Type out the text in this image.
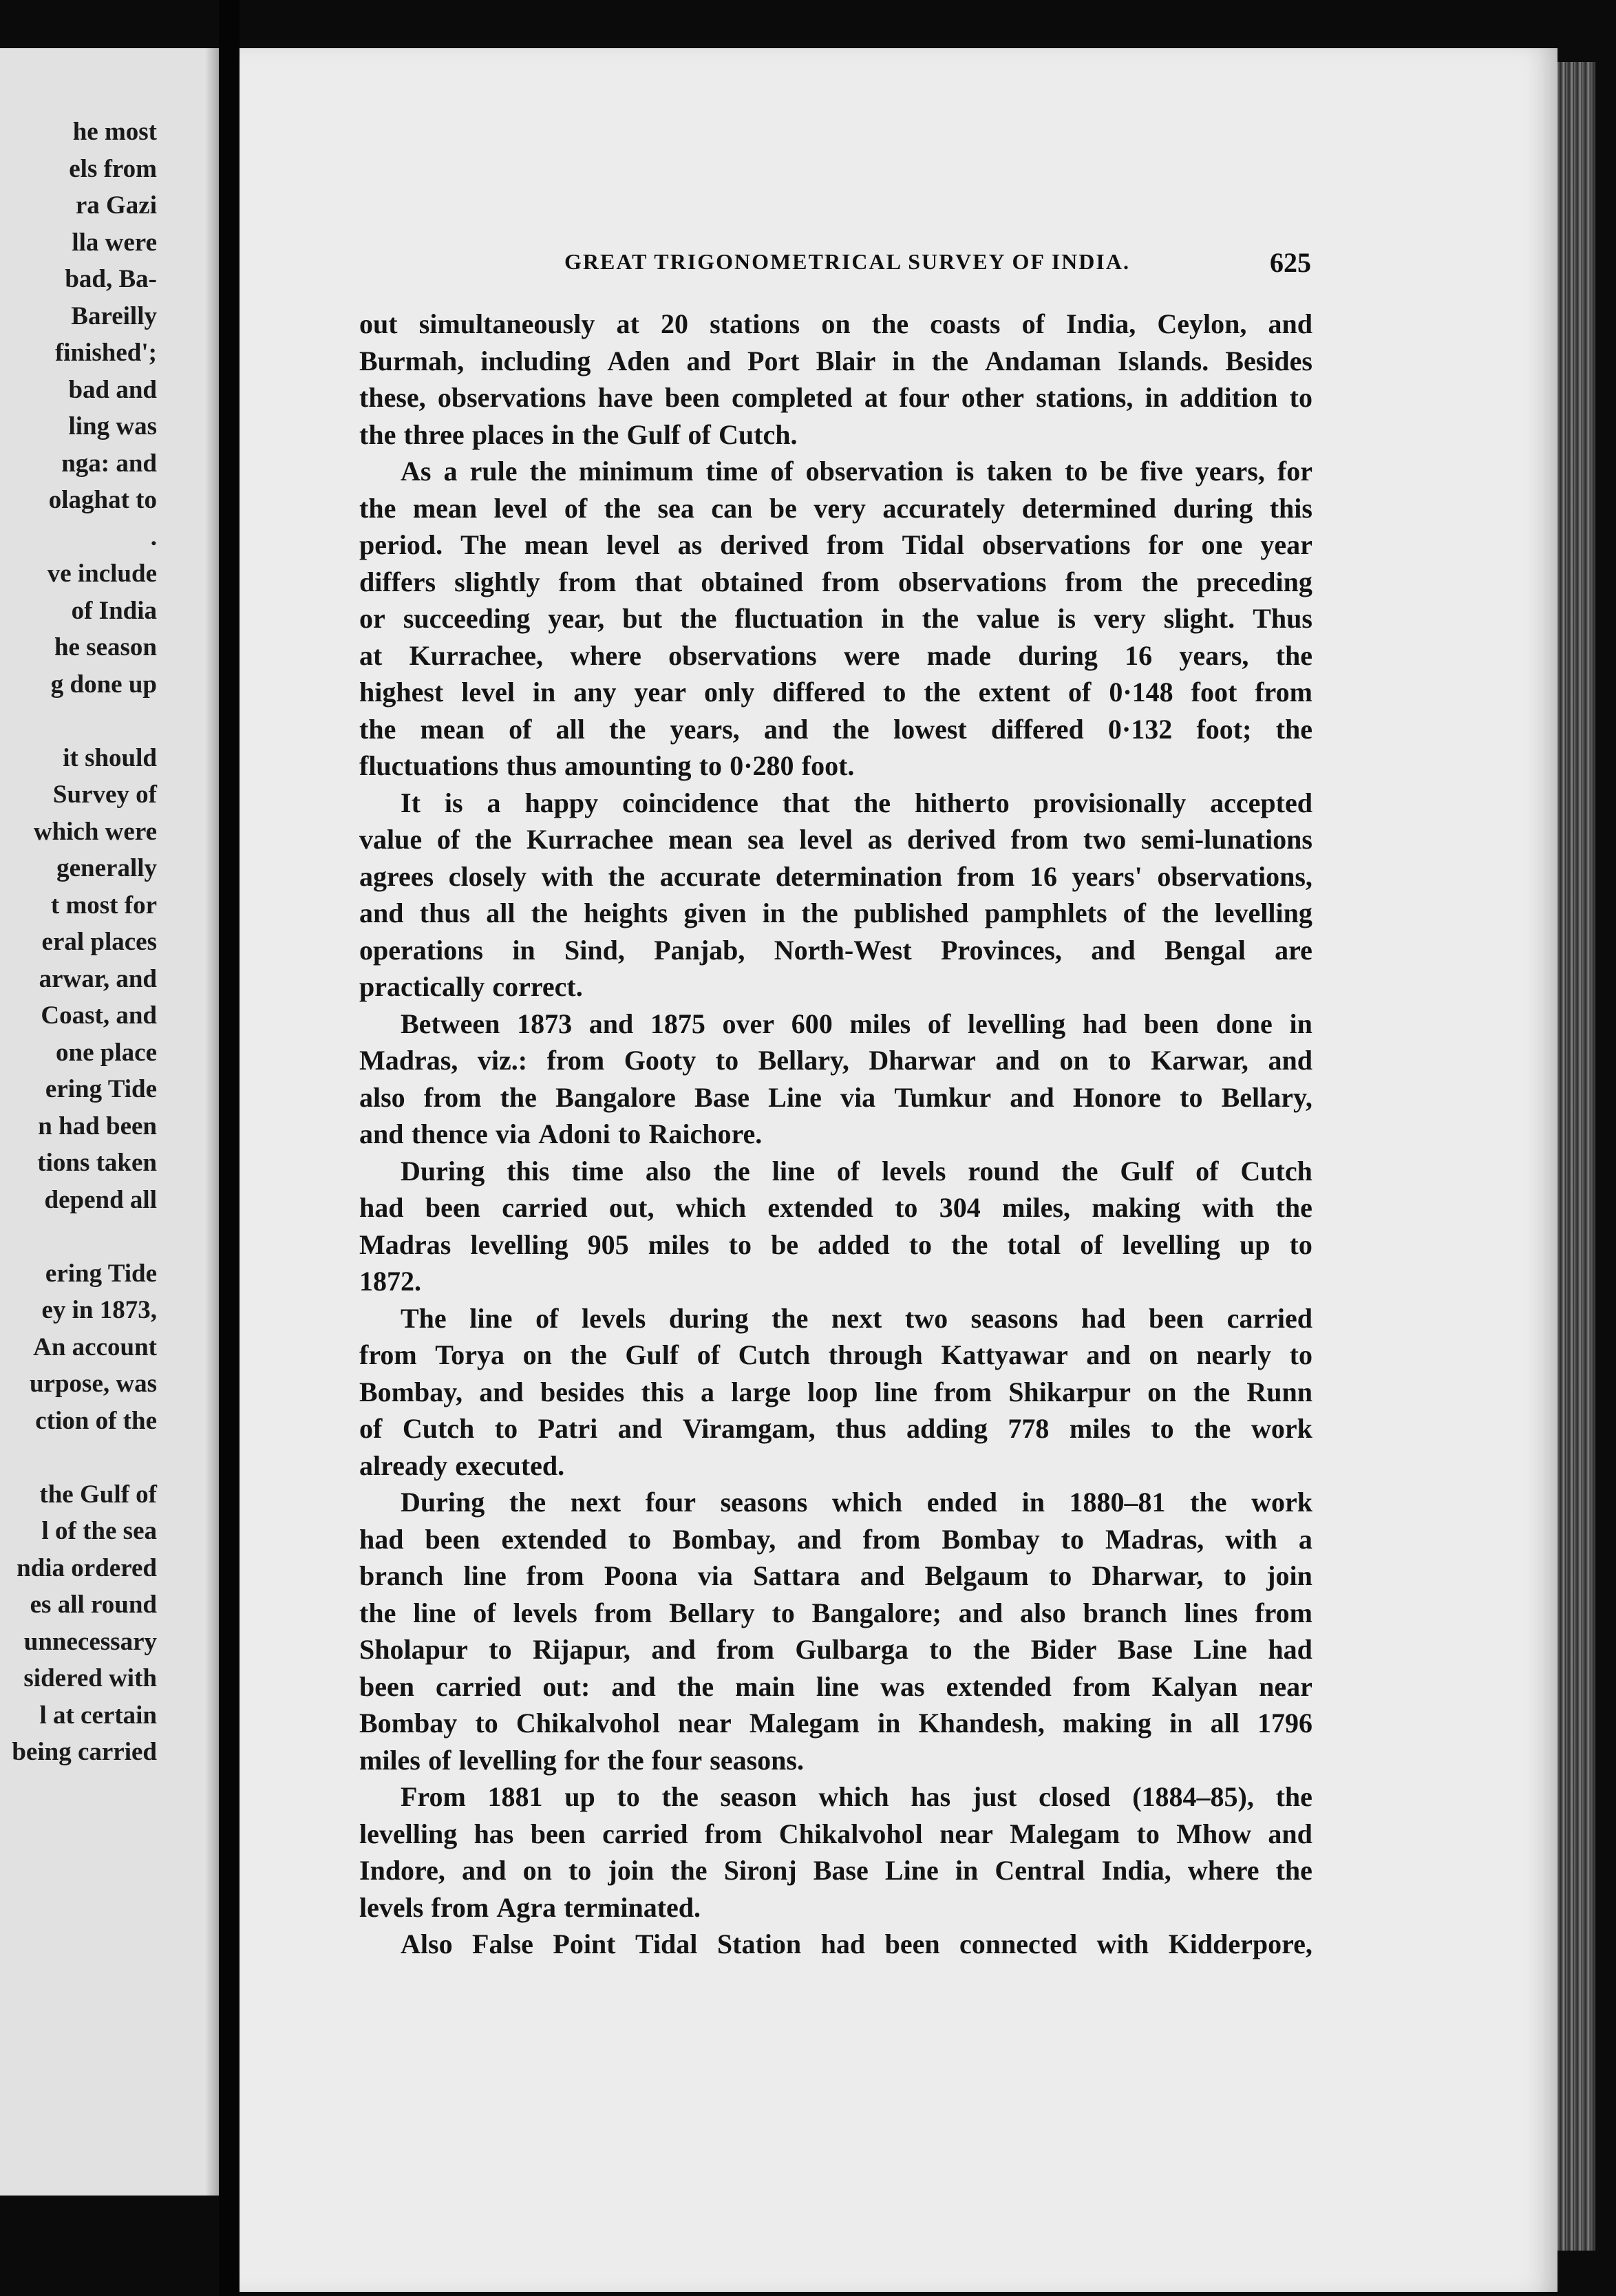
he most
els from
ra Gazi
lla were
bad, Ba-
Bareilly
finished';
bad and
ling was
nga: and
olaghat to
.
ve include
of India
he season
g done up
it should
Survey of
which were
generally
t most for
eral places
arwar, and
Coast, and
one place
ering Tide
n had been
tions taken
depend all
ering Tide
ey in 1873,
An account
urpose, was
ction of the
the Gulf of
l of the sea
ndia ordered
es all round
unnecessary
sidered with
l at certain
being carried
GREAT TRIGONOMETRICAL SURVEY OF INDIA.	625
out simultaneously at 20 stations on the coasts of India, Ceylon, and
Burmah, including Aden and Port Blair in the Andaman Islands. Besides
these, observations have been completed at four other stations, in addition to
the three places in the Gulf of Cutch.
As a rule the minimum time of observation is taken to be five years, for
the mean level of the sea can be very accurately determined during this
period. The mean level as derived from Tidal observations for one year
differs slightly from that obtained from observations from the preceding
or succeeding year, but the fluctuation in the value is very slight. Thus
at Kurrachee, where observations were made during 16 years, the
highest level in any year only differed to the extent of 0·148 foot from
the mean of all the years, and the lowest differed 0·132 foot; the
fluctuations thus amounting to 0·280 foot.
It is a happy coincidence that the hitherto provisionally accepted
value of the Kurrachee mean sea level as derived from two semi-lunations
agrees closely with the accurate determination from 16 years' observations,
and thus all the heights given in the published pamphlets of the levelling
operations in Sind, Panjab, North-West Provinces, and Bengal are
practically correct.
Between 1873 and 1875 over 600 miles of levelling had been done in
Madras, viz.: from Gooty to Bellary, Dharwar and on to Karwar, and
also from the Bangalore Base Line via Tumkur and Honore to Bellary,
and thence via Adoni to Raichore.
During this time also the line of levels round the Gulf of Cutch
had been carried out, which extended to 304 miles, making with the
Madras levelling 905 miles to be added to the total of levelling up to
1872.
The line of levels during the next two seasons had been carried
from Torya on the Gulf of Cutch through Kattyawar and on nearly to
Bombay, and besides this a large loop line from Shikarpur on the Runn
of Cutch to Patri and Viramgam, thus adding 778 miles to the work
already executed.
During the next four seasons which ended in 1880–81 the work
had been extended to Bombay, and from Bombay to Madras, with a
branch line from Poona via Sattara and Belgaum to Dharwar, to join
the line of levels from Bellary to Bangalore; and also branch lines from
Sholapur to Rijapur, and from Gulbarga to the Bider Base Line had
been carried out: and the main line was extended from Kalyan near
Bombay to Chikalvohol near Malegam in Khandesh, making in all 1796
miles of levelling for the four seasons.
From 1881 up to the season which has just closed (1884–85), the
levelling has been carried from Chikalvohol near Malegam to Mhow and
Indore, and on to join the Sironj Base Line in Central India, where the
levels from Agra terminated.
Also False Point Tidal Station had been connected with Kidderpore,
